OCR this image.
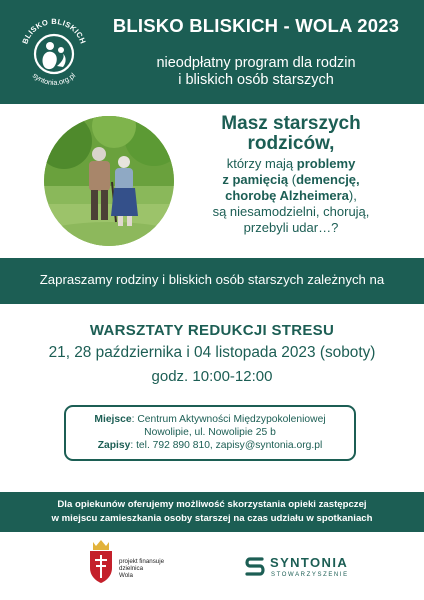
BLISKO BLISKICH
syntonia.org.pl
BLISKO BLISKICH - WOLA 2023
nieodpłatny program dla rodzin
i bliskich osób starszych
Masz starszych
rodziców,
którzy mają problemy
z pamięcią (demencję,
chorobę Alzheimera),
są niesamodzielni, chorują,
przebyli udar…?
Zapraszamy rodziny i bliskich osób starszych zależnych na
WARSZTATY REDUKCJI STRESU
21, 28 października i 04 listopada 2023 (soboty)
godz. 10:00-12:00
Miejsce: Centrum Aktywności Międzypokoleniowej
Nowolipie, ul. Nowolipie 25 b
Zapisy: tel. 792 890 810, zapisy@syntonia.org.pl
Dla opiekunów oferujemy możliwość skorzystania opieki zastępczej
w miejscu zamieszkania osoby starszej na czas udziału w spotkaniach
projekt finansuje
dzielnica
Wola
SYNTONIA
STOWARZYSZENIE
